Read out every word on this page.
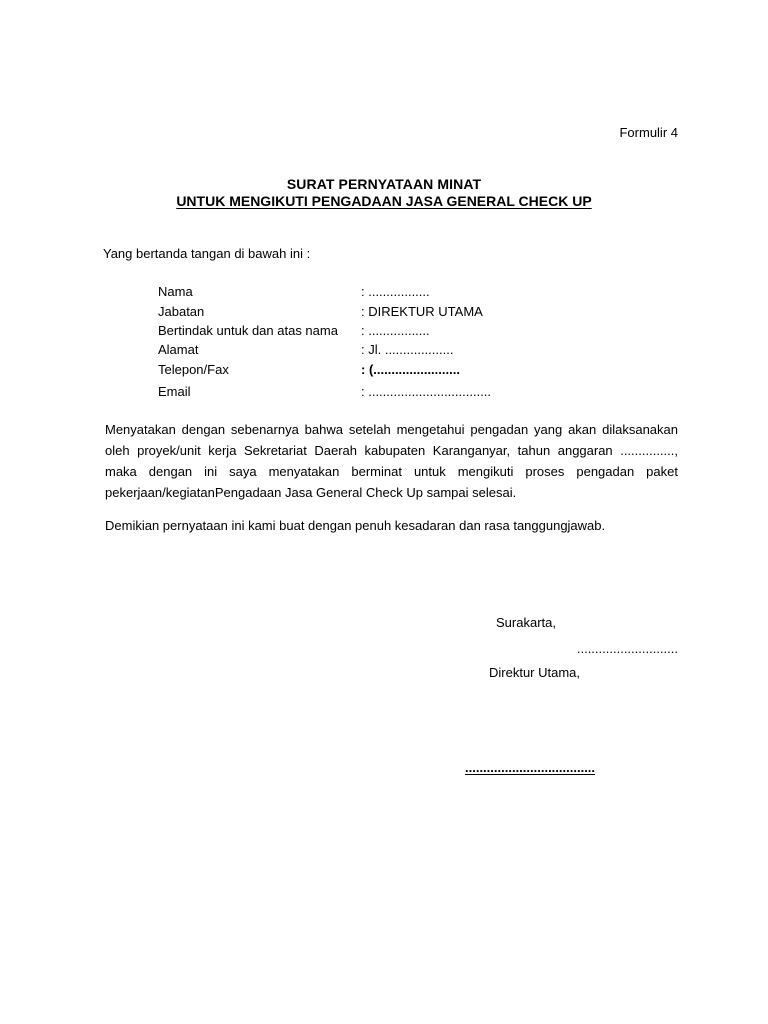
Formulir 4
SURAT PERNYATAAN MINAT
UNTUK MENGIKUTI PENGADAAN JASA GENERAL CHECK UP
Yang bertanda tangan di bawah ini :
Nama	: .................
Jabatan	: DIREKTUR UTAMA
Bertindak untuk dan atas nama : .................
Alamat	: Jl. ...................
Telepon/Fax	: (........................
Email	: ..................................
Menyatakan dengan sebenarnya bahwa setelah mengetahui pengadan yang akan dilaksanakan oleh proyek/unit kerja Sekretariat Daerah kabupaten Karanganyar, tahun anggaran ..............., maka dengan ini saya menyatakan berminat untuk mengikuti proses pengadan paket pekerjaan/kegiatanPengadaan Jasa General Check Up sampai selesai.
Demikian pernyataan ini kami buat dengan penuh kesadaran dan rasa tanggungjawab.
Surakarta,
............................
Direktur Utama,
....................................
